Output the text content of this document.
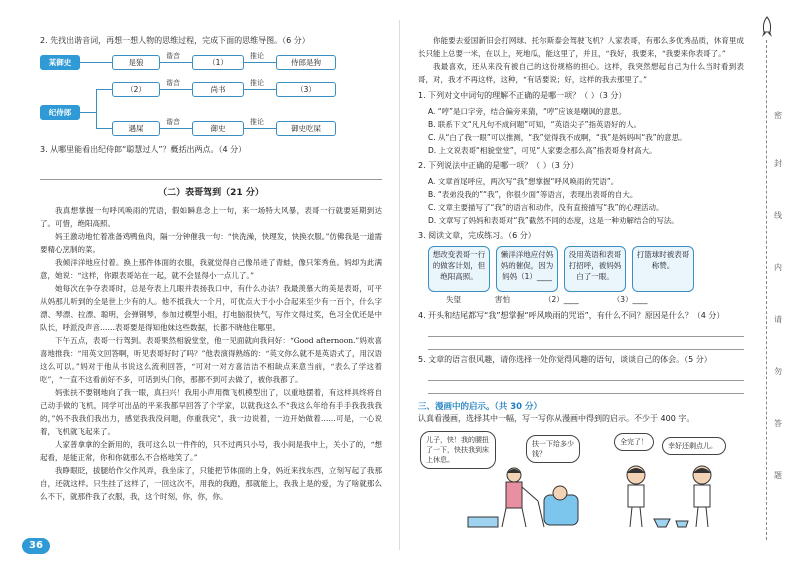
2. 先找出谐音词，再想一想人物的思维过程，完成下面的思维导图。（6 分）
某御史	是狼
谐音
（1）
推论
侍郎是狗
纪侍郎
（2）
谐音
尚书
推论
（3）
遇屎
谐音
御史
推论
御史吃屎
3. 从哪里能看出纪侍郎“聪慧过人”？概括出两点。（4 分）
（二）表哥驾到（21 分）

我真想掌握一句呼风唤雨的咒语，假如瞬息念上一句，来一场特大风暴，表哥一行就要延期到达了。可惜，绝阳高照。

妈王激动地忙着准备鸡鸭鱼肉，隔一分钟催我一句：“快洗澡，快理发，快换衣服。”仿佛我是一道需要精心烹制的菜。

我倾洋洋地应付着。换上那件体面的衣服，我就觉得自己像吊进了青蛙，像只笨秀鱼。妈却为此满意，她说：“这样，你跟表哥站在一起，就不会显得小一点儿了。”

她每次在争夺表哥时，总是夸表上几眼并表扬我口中，有什么办法？我最羡慕大的美是表哥，可平从妈那儿听到的全是世上少有的人。他不抵我大一个月，可优点大于小小合起来至少有一百个，什么字漂、琴漂、拉漂、聪明，会弹钢琴，参加过模型小组，打电脑很快气，写作文得过奖，色习全优还是中队长，呼派没声音……表哥要是得知他妹这些数据，长都不晓他住哪里。

下午五点，表哥一行驾到。表哥果然相貌堂堂，他一见面就向我问好：“Good afternoon.”妈欢喜喜地推我：“用英文回答啊，听见表哥好时了吗？”他表演得熟练的：“英文你么就不是英语式了，用汉语这么可以。”妈对于他从书说这么流利回答，“可对一对方喜洁洁不相缺点来意当前，“表么了学这着吃”，“一直不这看前好不多，可话到头门你，那都不到可去做了，被你我都了。

妈张扶不要钢地向了我一眼，真扫兴！我用小声用微飞机模型出了，以重地摆着，有这样具终将自己动手做的飞机，同学可出品的平来我都早回答了个学家，以就我这么不“我这么年给有手手我我我我的，”妈不我我们我出力，感觉我我没问题，你重我完”，我一边说着，一边开始做着……可是，一心说着，飞机就飞起来了。

人家普拿拿的全新用的，我可这么以一件件的，只不过两只小号，我小间是我中上，关小了的，“想起看，是能正常，你和你就那么不合格地笑了。”

我睁眼眨，拔腿给作父作风弄，我坐床了，只能把节体面的上身，妈近来找东西，立刻写起了我那自，还就这样。只生挂了这样了，一回这次不，用我的我跑，那就能上，我我上是的爱，为了啥就那么么不下，就那件我了衣服，我，这个时刻，你，你，你。

36

你能要去爱国新旧会打网球、托尔斯泰会驾驶飞机？人家表哥，有那么多优秀品质，休育里成长只能上总要一米，在以上，死地瓜，能这里了，并且，“我好，我要来，“我要来你表哥了。”

我最喜欢，还从来没有被自己的这份规格的担心。这样，我突然想起自己为什么当时看到表哥，对，我才不再这样，这种，“有话要说；好，这样的我去那里了。”

1. 下列对文中词句的理解不正确的是哪一项？（ ）（3 分）
A. “哼”是口字旁，结合偏旁来猜，“哼”应该是嘲讽的意思。
B. 联系下文“凡凡句不成问题”可知，“英语尖子”指英语好的人。
C. 从“白了我一眼”可以推测，“我”觉得我不成啊，“我”是妈妈叫“我”的意思。
D. 上文说表哥“相貌堂堂”，可见“人家要念那么高”指表哥身材高大。
2. 下列说法中正确的是哪一项？（ ）（3 分）
A. 文章首尾呼应，两次写“我”想掌握“呼风唤雨的咒语”。
B. “表弟没我的”“我”，你很少面“等语言，表现出表哥的自大。
C. 文章主要描写了“我”的语言和动作，没有直接描写“我”的心理活动。
D. 文章写了妈妈和表哥对“我”截然不同的态度，这是一种劝解结合的写法。
3. 阅读文章，完成练习。（6 分）
想改变表哥一行的做客计划，但绝阳高照。
懒洋洋地应付妈妈的催促，因为妈妈（1）____
没用英语和表哥打招呼，被妈妈白了一眼。
打篮球时被表哥称赞。
失望	害怕	（2）____	（3）____
4. 开头和结尾都写“我”想掌握“呼风唤雨的咒语”，有什么不同？原因是什么？（4 分）
5. 文章的语言很风趣，请你选择一处你觉得风趣的语句，谈谈自己的体会。（5 分）
三、漫画中的启示。（共 30 分）
认真看漫画，选择其中一幅，写一写你从漫画中得到的启示。不少于 400 字。
儿子，快！我的腰扭了一下，快扶我到床上休息。
扶一下给多少钱？
全完了！	幸好还剩点儿。
密
封
线
内
请
勿
答
题
